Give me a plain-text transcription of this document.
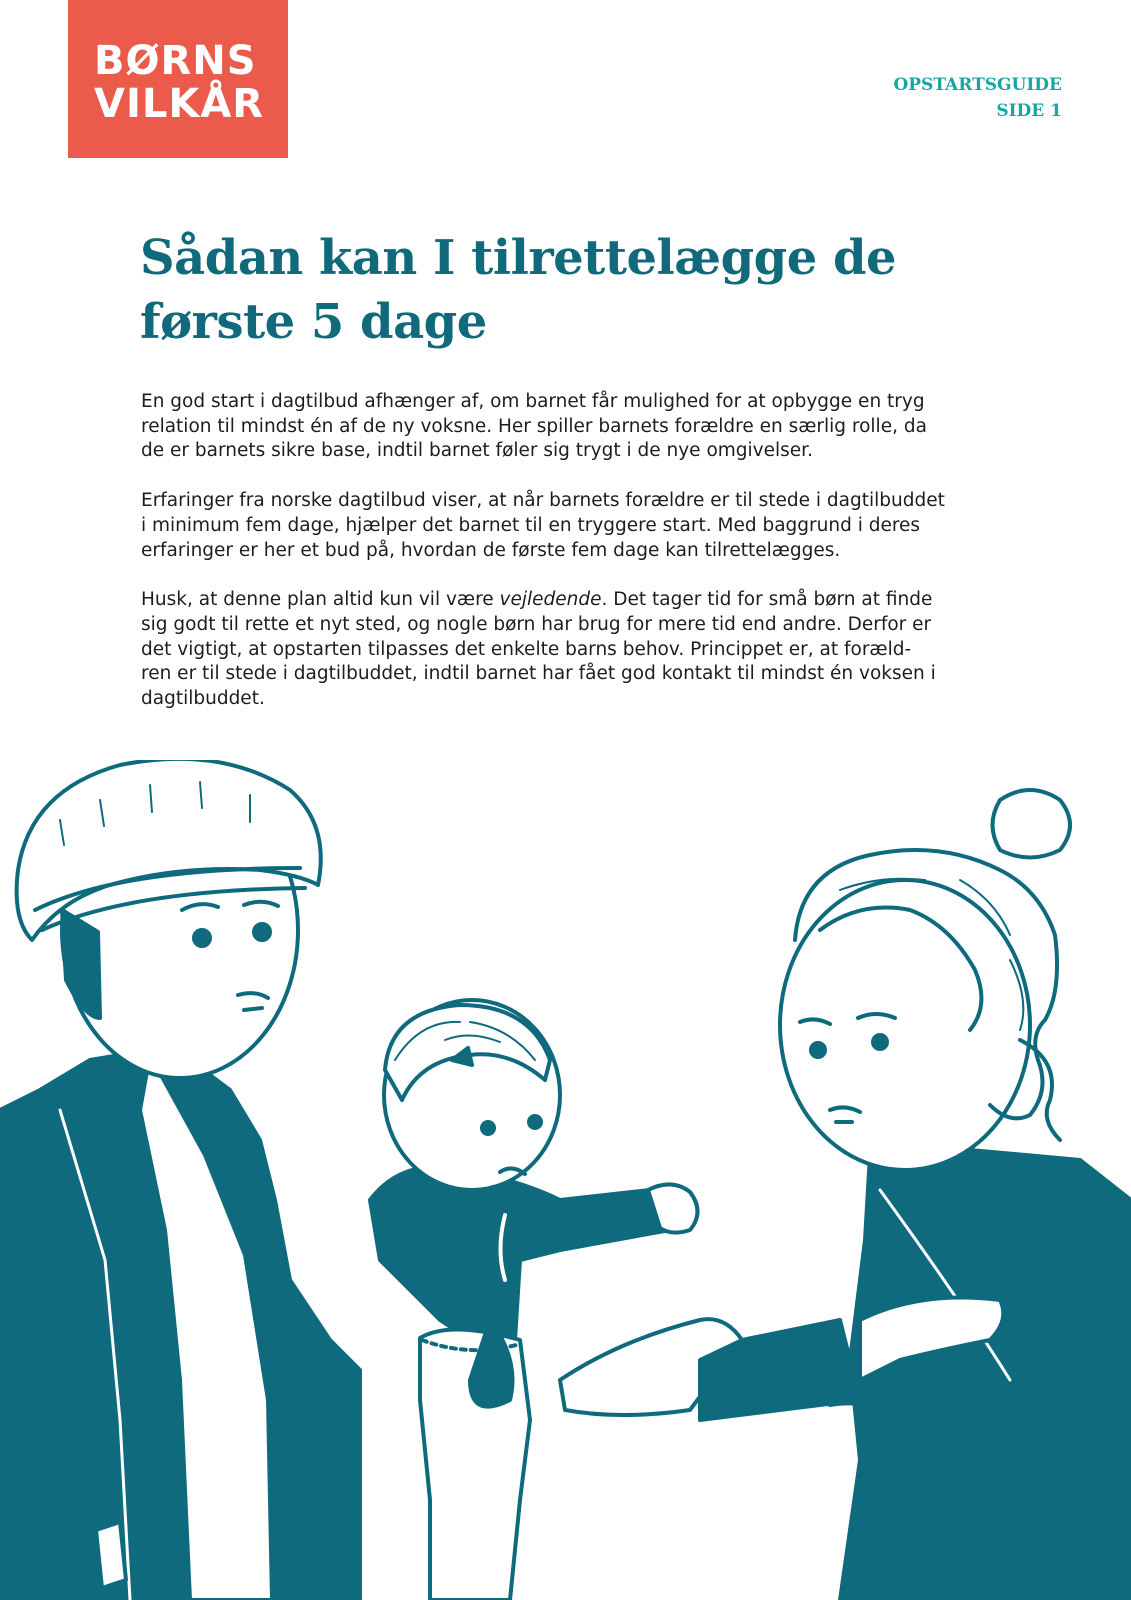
BØRNS
VILKÅR	OPSTARTSGUIDE
SIDE 1
Sådan kan I tilrettelægge de
første 5 dage

En god start i dagtilbud afhænger af, om barnet får mulighed for at opbygge en tryg
relation til mindst én af de ny voksne. Her spiller barnets forældre en særlig rolle, da
de er barnets sikre base, indtil barnet føler sig trygt i de nye omgivelser.

Erfaringer fra norske dagtilbud viser, at når barnets forældre er til stede i dagtilbuddet
i minimum fem dage, hjælper det barnet til en tryggere start. Med baggrund i deres
erfaringer er her et bud på, hvordan de første fem dage kan tilrettelægges.

Husk, at denne plan altid kun vil være vejledende. Det tager tid for små børn at finde
sig godt til rette et nyt sted, og nogle børn har brug for mere tid end andre. Derfor er
det vigtigt, at opstarten tilpasses det enkelte barns behov. Princippet er, at foræld-
ren er til stede i dagtilbuddet, indtil barnet har fået god kontakt til mindst én voksen i
dagtilbuddet.
